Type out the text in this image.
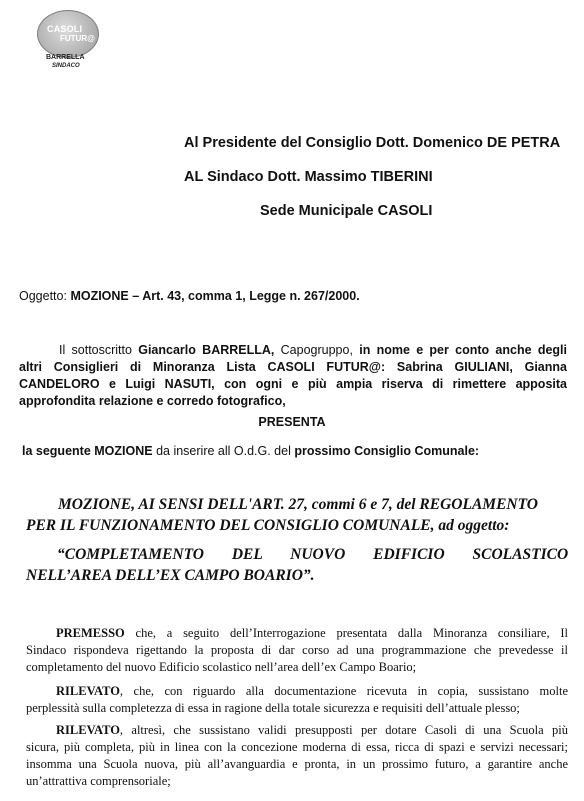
CASOLI
FUTUR@
BARRELLA
SINDACO
Al Presidente del Consiglio Dott. Domenico DE PETRA
AL Sindaco Dott. Massimo TIBERINI
Sede Municipale CASOLI
Oggetto: MOZIONE – Art. 43, comma 1, Legge n. 267/2000.
Il sottoscritto Giancarlo BARRELLA, Capogruppo, in nome e per conto anche degli
altri Consiglieri di Minoranza Lista CASOLI FUTUR@: Sabrina GIULIANI, Gianna
CANDELORO e Luigi NASUTI, con ogni e più ampia riserva di rimettere apposita
approfondita relazione e corredo fotografico,
PRESENTA
la seguente MOZIONE da inserire all O.d.G. del prossimo Consiglio Comunale:
MOZIONE, AI SENSI DELL'ART. 27, commi 6 e 7, del REGOLAMENTO
PER IL FUNZIONAMENTO DEL CONSIGLIO COMUNALE, ad oggetto:
“COMPLETAMENTO DEL NUOVO EDIFICIO SCOLASTICO
NELL’AREA DELL’EX CAMPO BOARIO”.
PREMESSO che, a seguito dell’Interrogazione presentata dalla Minoranza consiliare, Il
Sindaco rispondeva rigettando la proposta di dar corso ad una programmazione che prevedesse il
completamento del nuovo Edificio scolastico nell’area dell’ex Campo Boario;
RILEVATO, che, con riguardo alla documentazione ricevuta in copia, sussistano molte
perplessità sulla completezza di essa in ragione della totale sicurezza e requisiti dell’attuale plesso;
RILEVATO, altresì, che sussistano validi presupposti per dotare Casoli di una Scuola più
sicura, più completa, più in linea con la concezione moderna di essa, ricca di spazi e servizi necessari;
insomma una Scuola nuova, più all’avanguardia e pronta, in un prossimo futuro, a garantire anche
un’attrattiva comprensoriale;
